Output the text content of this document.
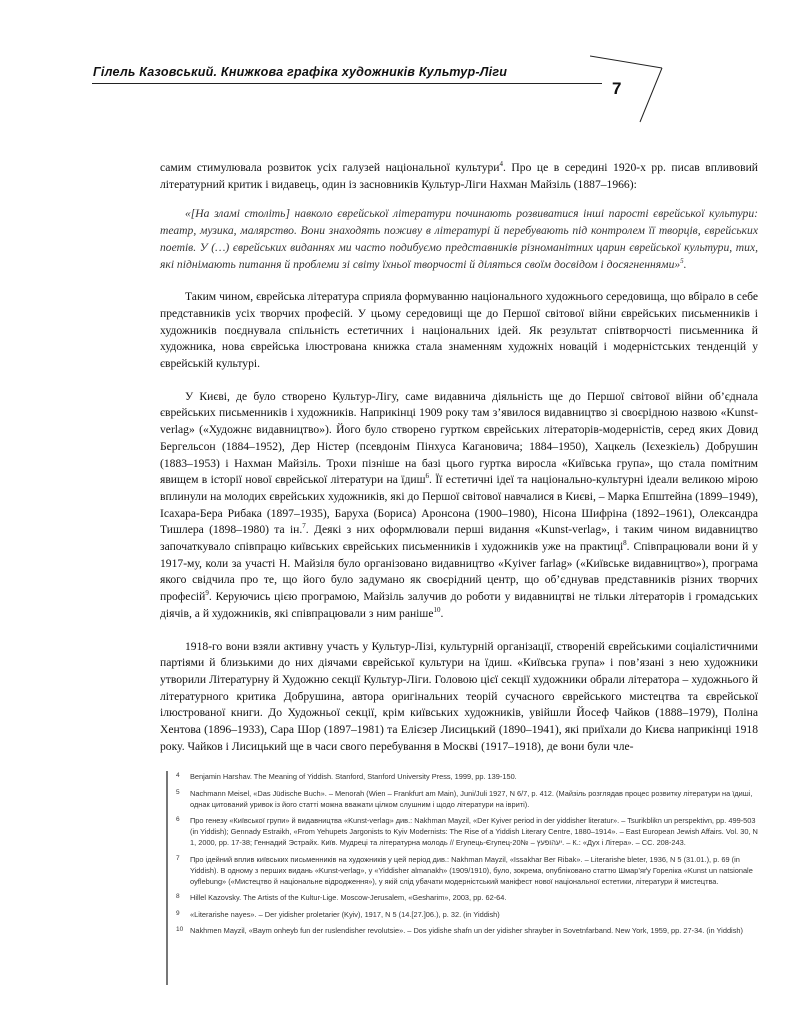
Гілель Казовський. Книжкова графіка художників Культур-Ліги
7

самим стимулювала розвиток усіх галузей національної культури$^4$. Про це в середині 1920-х рр. писав впливовий літературний критик і видавець, один із засновників Культур-Ліги Нахман Майзіль (1887–1966):

«[На зламі століть] навколо єврейської літератури починають розвиватися інші паростi єврейської культури: театр, музика, малярство. Вони знаходять поживу в літературі й перебувають під контролем її творців, єврейських поетів. У (…) єврейських виданнях ми часто подибуємо представників різноманітних царин єврейської культури, тих, які піднімають питання й проблеми зі світу їхньої творчості й діляться своїм досвідом і досягненнями»$^5$.

Таким чином, єврейська література сприяла формуванню національного художнього середовища, що вбірало в себе представників усіх творчих професій. У цьому середовищі ще до Першої світової війни єврейських письменників і художників поєднувала спільність естетичних і національних ідей. Як результат співтворчості письменника й художника, нова єврейська ілюстрована книжка стала знаменням художніх новацій і модерністських тенденцій у єврейській культурі.

У Києві, де було створено Культур-Лігу, саме видавнича діяльність ще до Першої світової війни об’єднала єврейських письменників і художників. Наприкінці 1909 року там з’явилося видавництво зі своєрідною назвою «Kunst-verlag» («Художнє видавництво»). Його було створено гуртком єврейських літераторів-модерністів, серед яких Довид Бергельсон (1884–1952), Дер Ністер (псевдонім Пінхуса Кагановича; 1884–1950), Хацкель (Ієхезкіель) Добрушин (1883–1953) і Нахман Майзіль. Трохи пізніше на базі цього гуртка виросла «Київська група», що стала помітним явищем в історії нової єврейської літератури на їдиш$^6$. Її естетичні ідеї та національно-культурні ідеали великою мірою вплинули на молодих єврейських художників, які до Першої світової навчалися в Києві, – Марка Епштейна (1899–1949), Ісахара-Бера Рибака (1897–1935), Баруха (Бориса) Аронсона (1900–1980), Нісона Шифріна (1892–1961), Олександра Тишлера (1898–1980) та ін.$^7$. Деякі з них оформлювали перші видання «Kunst-verlag», і таким чином видавництво започаткувало співпрацю київських єврейських письменників і художників уже на практиці$^8$. Співпрацювали вони й у 1917-му, коли за участі Н. Майзіля було організовано видавництво «Kyiver farlag» («Київське видавництво»), програма якого свідчила про те, що його було задумано як своєрідний центр, що об’єднував представників різних творчих професій$^9$. Керуючись цією програмою, Майзіль залучив до роботи у видавництві не тільки літераторів і громадських діячів, а й художників, які співпрацювали з ним раніше$^{10}$.

1918-го вони взяли активну участь у Культур-Лізі, культурній організації, створеній єврейськими соціалістичними партіями й близькими до них діячами єврейської культури на їдиш. «Київська група» і пов’язані з нею художники утворили Літературну й Художню секції Культур-Ліги. Головою цієї секції художники обрали літератора – художнього й літературного критика Добрушина, автора оригінальних теорій сучасного єврейського мистецтва та єврейської ілюстрованої книги. До Художньої секції, крім київських художників, увійшли Йосеф Чайков (1888–1979), Поліна Хентова (1896–1933), Сара Шор (1897–1981) та Елієзер Лисицький (1890–1941), які приїхали до Києва наприкінці 1918 року. Чайков і Лисицький ще в часи свого перебування в Москві (1917–1918), де вони були чле-

4	Benjamin Harshav. The Meaning of Yiddish. Stanford, Stanford University Press, 1999, pp. 139-150.
5	Nachmann Meisel, «Das Jüdische Buch». – Menorah (Wien – Frankfurt am Main), Juni/Juli 1927, N 6/7, p. 412. (Майзіль розглядав процес розвитку літератури на їдиші, однак цитований уривок із його статті можна вважати цілком слушним і щодо літератури на івриті).
6	Про генезу «Київської групи» й видавництва «Kunst-verlag» див.: Nakhman Mayzil, «Der Kyiver period in der yiddisher literatur». – Tsurikblikn un perspektivn, pp. 499-503 (in Yiddish); Gennady Estraikh, «From Yehupets Jargonists to Kyiv Modernists: The Rise of a Yiddish Literary Centre, 1880–1914». – East European Jewish Affairs. Vol. 30, N 1, 2000, pp. 17-38; Геннадий Эстрайх. Київ. Мудреці та літературна молодь // Егупець-Єгупец-20№ – יעהופּעץ. – К.: «Дух і Літера». – СС. 208-243.
7	Про ідейний вплив київських письменників на художників у цей період див.: Nakhman Mayzil, «Issakhar Ber Ribak». – Literarishe bleter, 1936, N 5 (31.01.), p. 69 (in Yiddish). В одному з перших видань «Kunst-verlag», у «Yiddisher almanakh» (1909/1910), було, зокрема, опубліковано статтю Шмар’яґу Горелікa «Kunst un natsionale oyflebung» («Мистецтво й національне відродження»), у якій слід убачати модерністський маніфест нової національної естетики, літератури й мистецтва.
8	Hillel Kazovsky. The Artists of the Kultur-Lige. Moscow-Jerusalem, «Gesharim», 2003, pp. 62-64.
9	«Literarishe nayes». – Der yidisher proletarier (Kyiv), 1917, N 5 (14.[27.]06.), p. 32. (in Yiddish)
10 Nakhmen Mayzil, «Baym onheyb fun der ruslendisher revolutsie». – Dos yidishe shafn un der yidisher shrayber in Sovetnfarband. New York, 1959, pp. 27-34. (in Yiddish)
